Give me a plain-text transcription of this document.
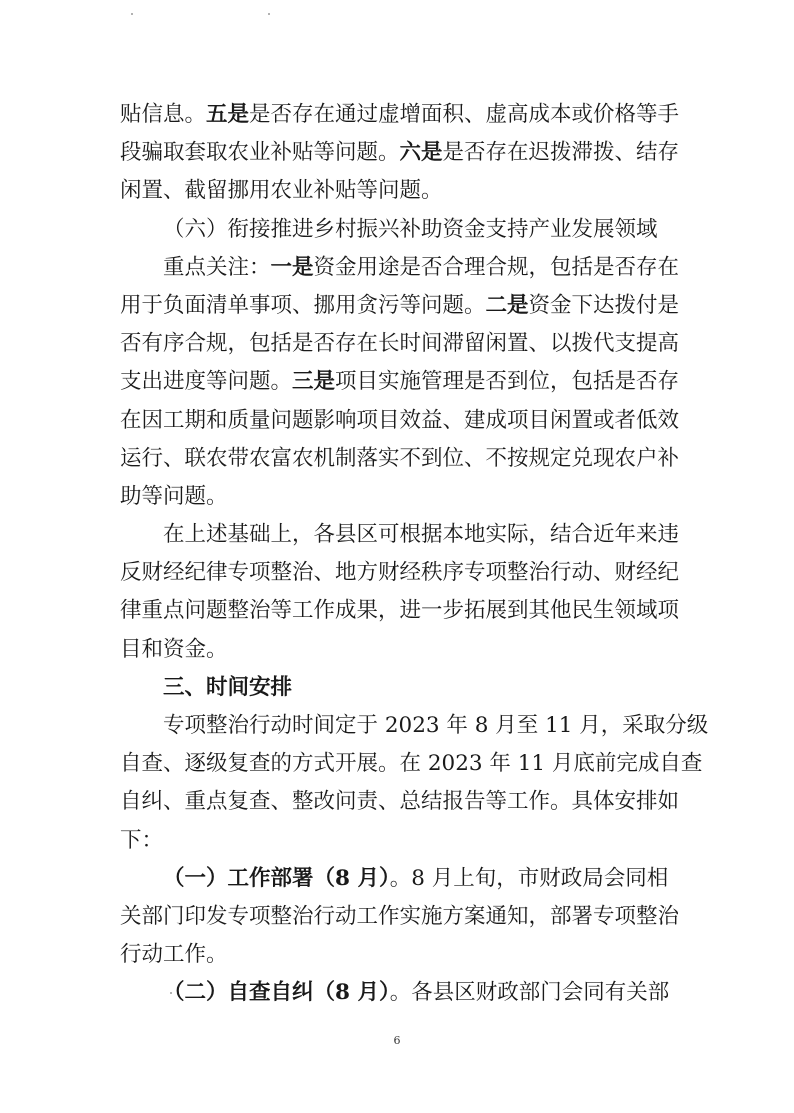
贴信息。五是是否存在通过虚增面积、虚高成本或价格等手
段骗取套取农业补贴等问题。六是是否存在迟拨滞拨、结存
闲置、截留挪用农业补贴等问题。
（六）衔接推进乡村振兴补助资金支持产业发展领域
重点关注：一是资金用途是否合理合规，包括是否存在
用于负面清单事项、挪用贪污等问题。二是资金下达拨付是
否有序合规，包括是否存在长时间滞留闲置、以拨代支提高
支出进度等问题。三是项目实施管理是否到位，包括是否存
在因工期和质量问题影响项目效益、建成项目闲置或者低效
运行、联农带农富农机制落实不到位、不按规定兑现农户补
助等问题。
在上述基础上，各县区可根据本地实际，结合近年来违
反财经纪律专项整治、地方财经秩序专项整治行动、财经纪
律重点问题整治等工作成果，进一步拓展到其他民生领域项
目和资金。
三、时间安排
专项整治行动时间定于 2023 年 8 月至 11 月，采取分级
自查、逐级复查的方式开展。在 2023 年 11 月底前完成自查
自纠、重点复查、整改问责、总结报告等工作。具体安排如
下：
（一）工作部署（8 月）。8 月上旬，市财政局会同相
关部门印发专项整治行动工作实施方案通知，部署专项整治
行动工作。
（二）自查自纠（8 月）。各县区财政部门会同有关部
6
